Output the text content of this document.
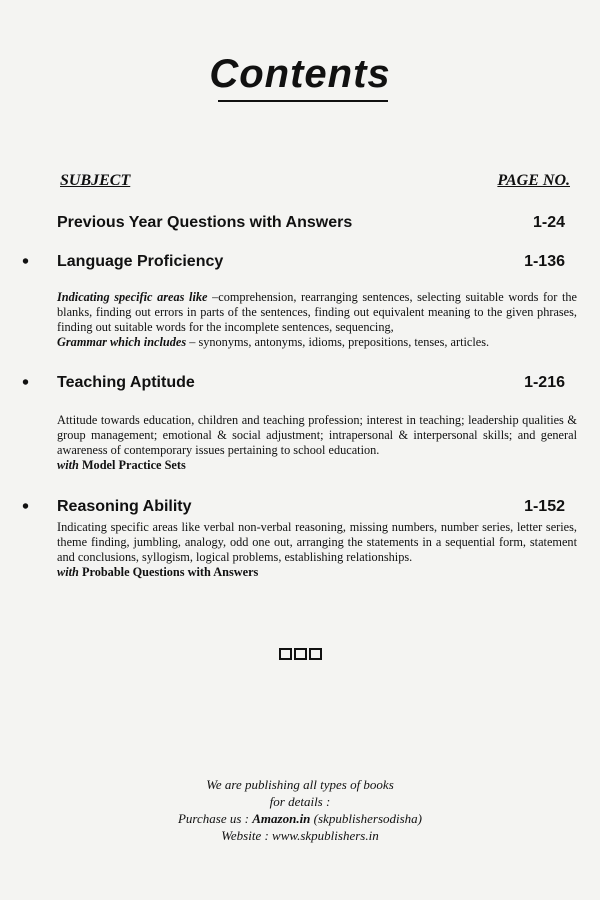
Contents
SUBJECT	PAGE NO.
Previous Year Questions with Answers	1-24
• Language Proficiency	1-136
Indicating specific areas like –comprehension, rearranging sentences, selecting suitable words for the blanks, finding out errors in parts of the sentences, finding out equivalent meaning to the given phrases, finding out suitable words for the incomplete sentences, sequencing,
Grammar which includes – synonyms, antonyms, idioms, prepositions, tenses, articles.
• Teaching Aptitude	1-216
Attitude towards education, children and teaching profession; interest in teaching; leadership qualities & group management; emotional & social adjustment; intrapersonal & interpersonal skills; and general awareness of contemporary issues pertaining to school education.
with Model Practice Sets
• Reasoning Ability	1-152
Indicating specific areas like verbal non-verbal reasoning, missing numbers, number series, letter series, theme finding, jumbling, analogy, odd one out, arranging the statements in a sequential form, statement and conclusions, syllogism, logical problems, establishing relationships.
with Probable Questions with Answers
We are publishing all types of books
for details :
Purchase us : Amazon.in (skpublishersodisha)
Website : www.skpublishers.in
